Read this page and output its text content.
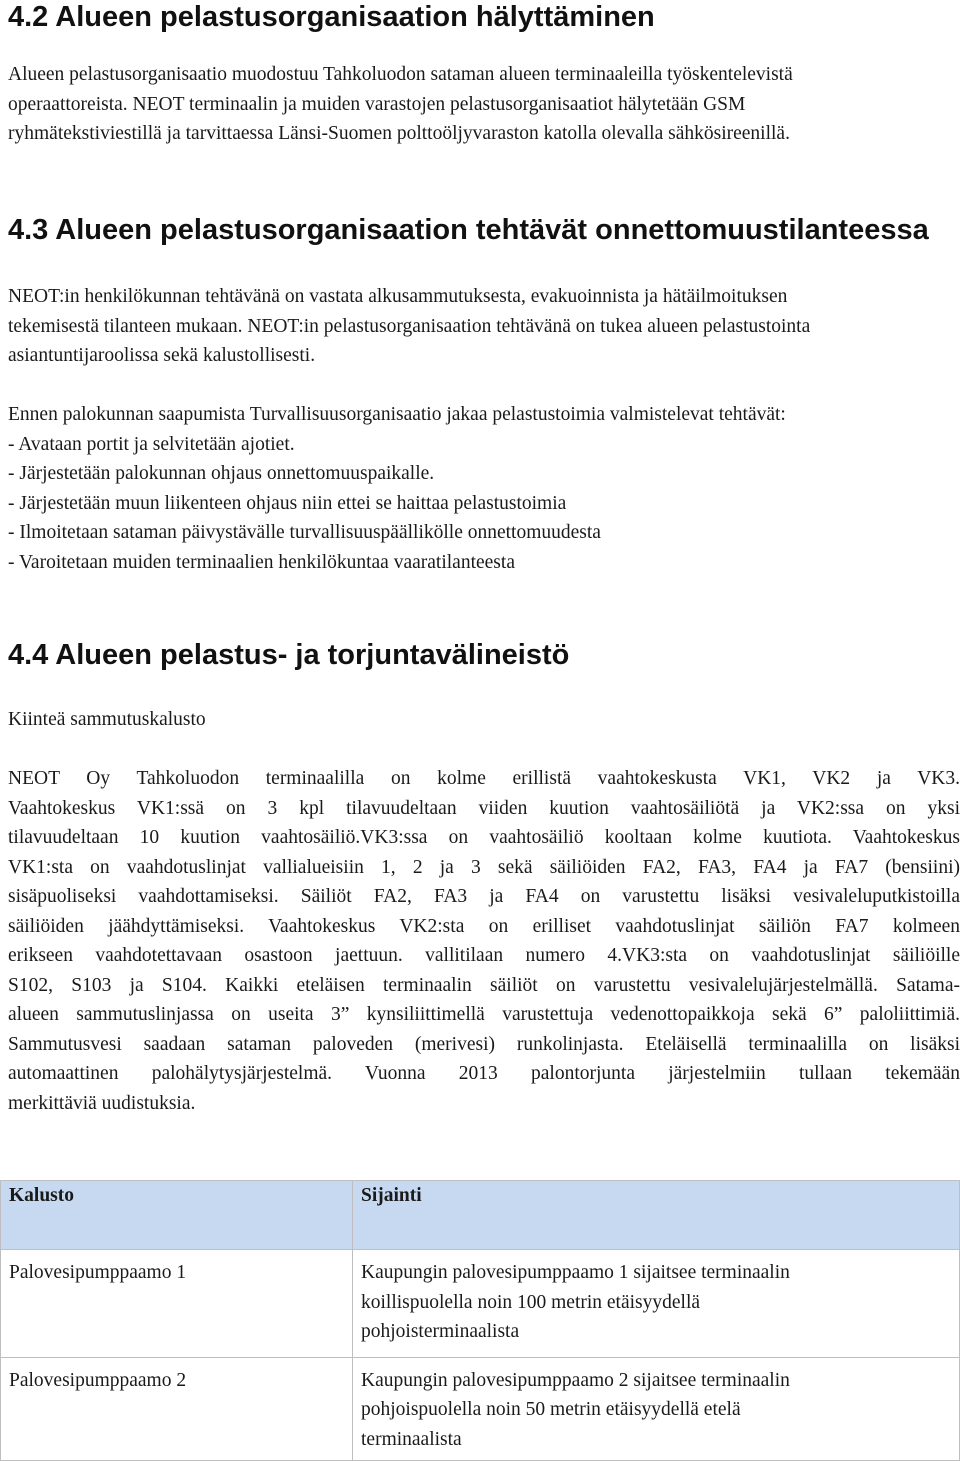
4.2 Alueen pelastusorganisaation hälyttäminen

Alueen pelastusorganisaatio muodostuu Tahkoluodon sataman alueen terminaaleilla työskentelevistä
operaattoreista. NEOT terminaalin ja muiden varastojen pelastusorganisaatiot hälytetään GSM
ryhmätekstiviestillä ja tarvittaessa Länsi-Suomen polttoöljyvaraston katolla olevalla sähkösireenillä.

4.3 Alueen pelastusorganisaation tehtävät onnettomuustilanteessa

NEOT:in henkilökunnan tehtävänä on vastata alkusammutuksesta, evakuoinnista ja hätäilmoituksen
tekemisestä tilanteen mukaan. NEOT:in pelastusorganisaation tehtävänä on tukea alueen pelastustointa
asiantuntijaroolissa sekä kalustollisesti.

Ennen palokunnan saapumista Turvallisuusorganisaatio jakaa pelastustoimia valmistelevat tehtävät:
- Avataan portit ja selvitetään ajotiet.
- Järjestetään palokunnan ohjaus onnettomuuspaikalle.
- Järjestetään muun liikenteen ohjaus niin ettei se haittaa pelastustoimia
- Ilmoitetaan sataman päivystävälle turvallisuuspäällikölle onnettomuudesta
- Varoitetaan muiden terminaalien henkilökuntaa vaaratilanteesta

4.4 Alueen pelastus- ja torjuntavälineistö

Kiinteä sammutuskalusto

NEOT Oy Tahkoluodon terminaalilla on kolme erillistä vaahtokeskusta VK1, VK2 ja VK3.
Vaahtokeskus VK1:ssä on 3 kpl tilavuudeltaan viiden kuution vaahtosäiliötä ja VK2:ssa on yksi
tilavuudeltaan 10 kuution vaahtosäiliö.VK3:ssa on vaahtosäiliö kooltaan kolme kuutiota. Vaahtokeskus
VK1:sta on vaahdotuslinjat vallialueisiin 1, 2 ja 3 sekä säiliöiden FA2, FA3, FA4 ja FA7 (bensiini)
sisäpuoliseksi vaahdottamiseksi. Säiliöt FA2, FA3 ja FA4 on varustettu lisäksi vesivaleluputkistoilla
säiliöiden jäähdyttämiseksi. Vaahtokeskus VK2:sta on erilliset vaahdotuslinjat säiliön FA7 kolmeen
erikseen vaahdotettavaan osastoon jaettuun. vallitilaan numero 4.VK3:sta on vaahdotuslinjat säiliöille
S102, S103 ja S104. Kaikki eteläisen terminaalin säiliöt on varustettu vesivalelujärjestelmällä. Satama-
alueen sammutuslinjassa on useita 3” kynsiliittimellä varustettuja vedenottopaikkoja sekä 6” paloliittimiä.
Sammutusvesi saadaan sataman paloveden (merivesi) runkolinjasta. Eteläisellä terminaalilla on lisäksi
automaattinen palohälytysjärjestelmä. Vuonna 2013 palontorjunta järjestelmiin tullaan tekemään
merkittäviä uudistuksia.

Kalusto	Sijainti

Palovesipumppaamo 1	Kaupungin palovesipumppaamo 1 sijaitsee terminaalin
koillispuolella noin 100 metrin etäisyydellä
pohjoisterminaalista

Palovesipumppaamo 2	Kaupungin palovesipumppaamo 2 sijaitsee terminaalin
pohjoispuolella noin 50 metrin etäisyydellä etelä
terminaalista
